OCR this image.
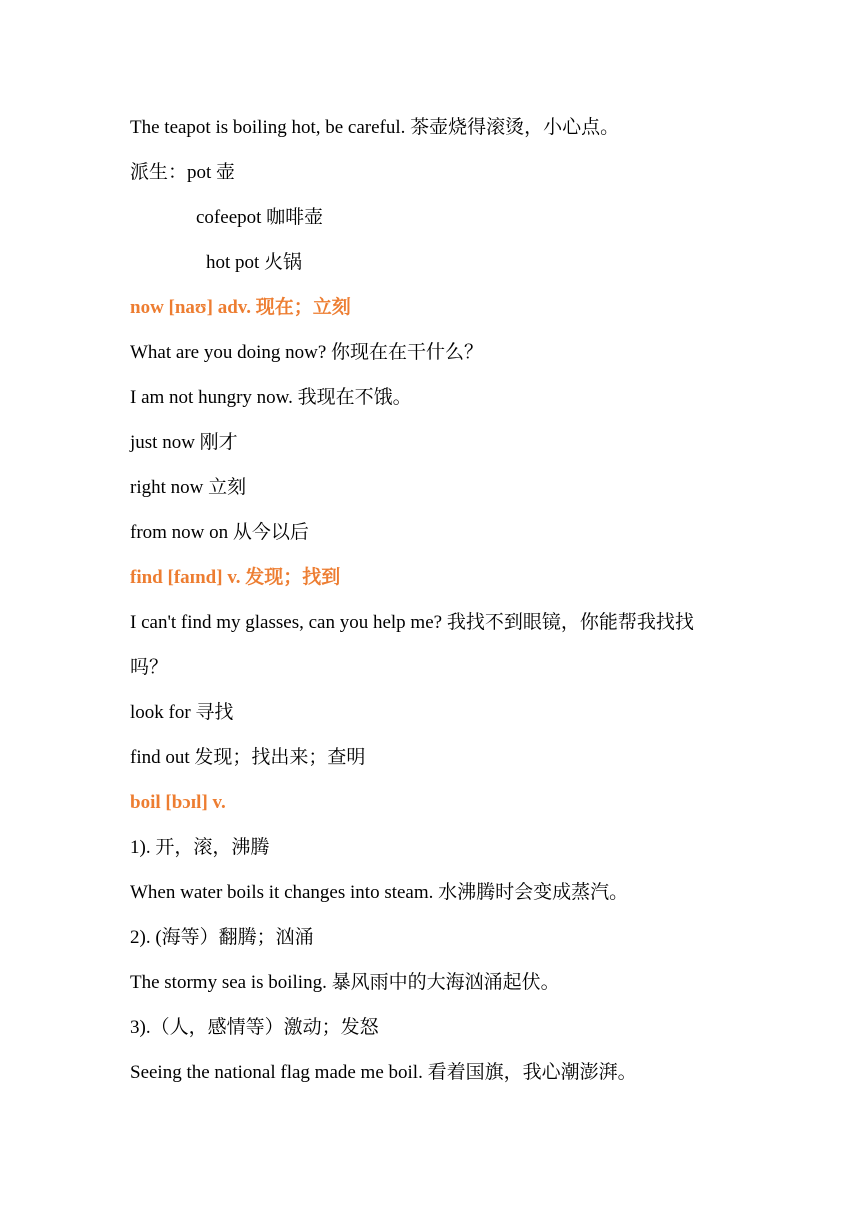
The teapot is boiling hot, be careful. 茶壶烧得滚烫，小心点。
派生：pot 壶
cofeepot 咖啡壶
hot pot 火锅
now [naʊ] adv. 现在；立刻
What are you doing now? 你现在在干什么？
I am not hungry now. 我现在不饿。
just now 刚才
right now 立刻
from now on 从今以后
find [faɪnd] v. 发现；找到
I can't find my glasses, can you help me? 我找不到眼镜，你能帮我找找
吗？
look for 寻找
find out 发现；找出来；查明
boil [bɔɪl] v.
1). 开，滚，沸腾
When water boils it changes into steam. 水沸腾时会变成蒸汽。
2). (海等）翻腾；汹涌
The stormy sea is boiling. 暴风雨中的大海汹涌起伏。
3).（人，感情等）激动；发怒
Seeing the national flag made me boil. 看着国旗，我心潮澎湃。
